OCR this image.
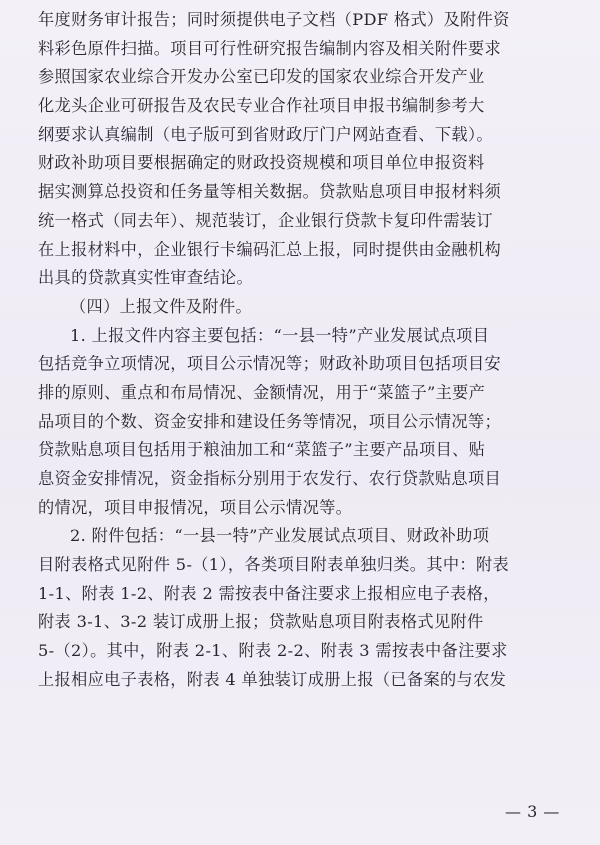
年度财务审计报告；同时须提供电子文档（PDF 格式）及附件资
料彩色原件扫描。项目可行性研究报告编制内容及相关附件要求
参照国家农业综合开发办公室已印发的国家农业综合开发产业
化龙头企业可研报告及农民专业合作社项目申报书编制参考大
纲要求认真编制（电子版可到省财政厅门户网站查看、下载）。
财政补助项目要根据确定的财政投资规模和项目单位申报资料
据实测算总投资和任务量等相关数据。贷款贴息项目申报材料须
统一格式（同去年）、规范装订，企业银行贷款卡复印件需装订
在上报材料中，企业银行卡编码汇总上报，同时提供由金融机构
出具的贷款真实性审查结论。
（四）上报文件及附件。
1. 上报文件内容主要包括：“一县一特”产业发展试点项目
包括竞争立项情况，项目公示情况等；财政补助项目包括项目安
排的原则、重点和布局情况、金额情况，用于“菜篮子”主要产
品项目的个数、资金安排和建设任务等情况，项目公示情况等；
贷款贴息项目包括用于粮油加工和“菜篮子”主要产品项目、贴
息资金安排情况，资金指标分别用于农发行、农行贷款贴息项目
的情况，项目申报情况，项目公示情况等。
2. 附件包括：“一县一特”产业发展试点项目、财政补助项
目附表格式见附件 5-（1），各类项目附表单独归类。其中：附表
1-1、附表 1-2、附表 2 需按表中备注要求上报相应电子表格，
附表 3-1、3-2 装订成册上报；贷款贴息项目附表格式见附件
5-（2）。其中，附表 2-1、附表 2-2、附表 3 需按表中备注要求
上报相应电子表格，附表 4 单独装订成册上报（已备案的与农发
— 3 —
